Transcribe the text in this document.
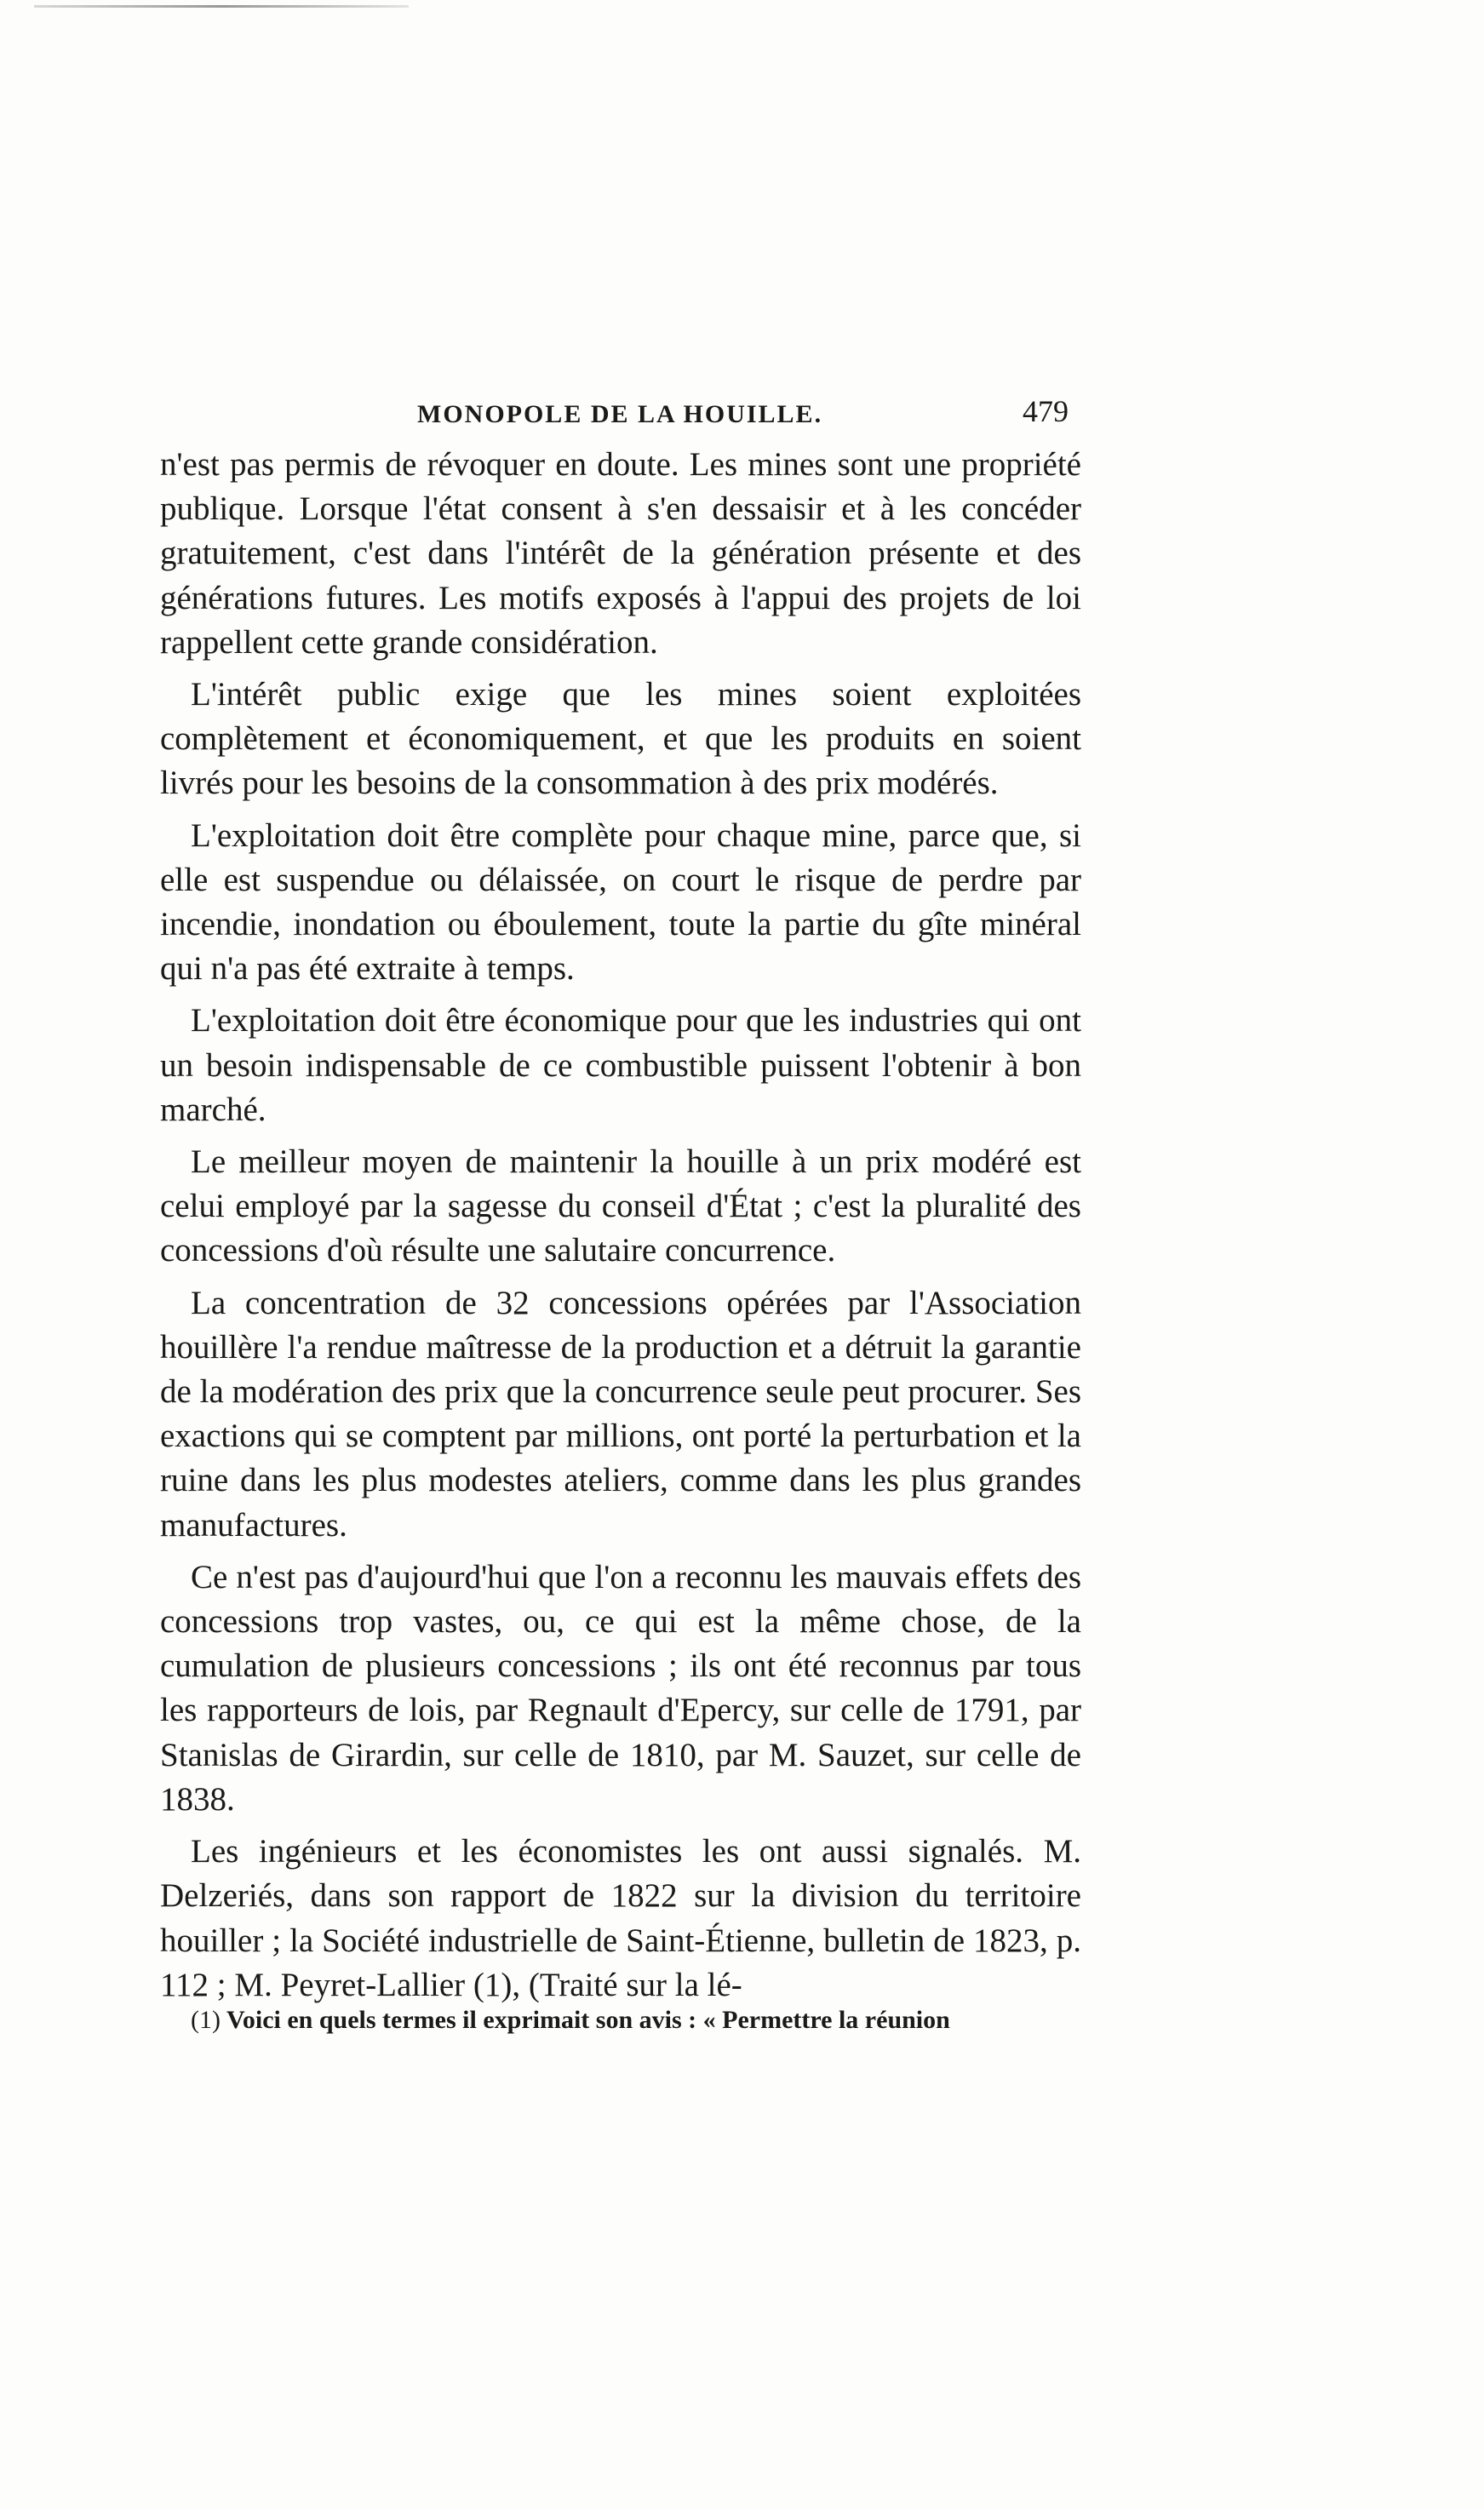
MONOPOLE DE LA HOUILLE.	479

n'est pas permis de révoquer en doute. Les mines sont une propriété publique. Lorsque l'état consent à s'en dessaisir et à les concéder gratuitement, c'est dans l'intérêt de la génération présente et des générations futures. Les motifs exposés à l'appui des projets de loi rappellent cette grande considération.

L'intérêt public exige que les mines soient exploitées complètement et économiquement, et que les produits en soient livrés pour les besoins de la consommation à des prix modérés.

L'exploitation doit être complète pour chaque mine, parce que, si elle est suspendue ou délaissée, on court le risque de perdre par incendie, inondation ou éboulement, toute la partie du gîte minéral qui n'a pas été extraite à temps.

L'exploitation doit être économique pour que les industries qui ont un besoin indispensable de ce combustible puissent l'obtenir à bon marché.

Le meilleur moyen de maintenir la houille à un prix modéré est celui employé par la sagesse du conseil d'État ; c'est la pluralité des concessions d'où résulte une salutaire concurrence.

La concentration de 32 concessions opérées par l'Association houillère l'a rendue maîtresse de la production et a détruit la garantie de la modération des prix que la concurrence seule peut procurer. Ses exactions qui se comptent par millions, ont porté la perturbation et la ruine dans les plus modestes ateliers, comme dans les plus grandes manufactures.

Ce n'est pas d'aujourd'hui que l'on a reconnu les mauvais effets des concessions trop vastes, ou, ce qui est la même chose, de la cumulation de plusieurs concessions ; ils ont été reconnus par tous les rapporteurs de lois, par Regnault d'Epercy, sur celle de 1791, par Stanislas de Girardin, sur celle de 1810, par M. Sauzet, sur celle de 1838.

Les ingénieurs et les économistes les ont aussi signalés. M. Delzeriés, dans son rapport de 1822 sur la division du territoire houiller ; la Société industrielle de Saint-Étienne, bulletin de 1823, p. 112 ; M. Peyret-Lallier (1), (Traité sur la lé-

(1) Voici en quels termes il exprimait son avis : « Permettre la réunion
